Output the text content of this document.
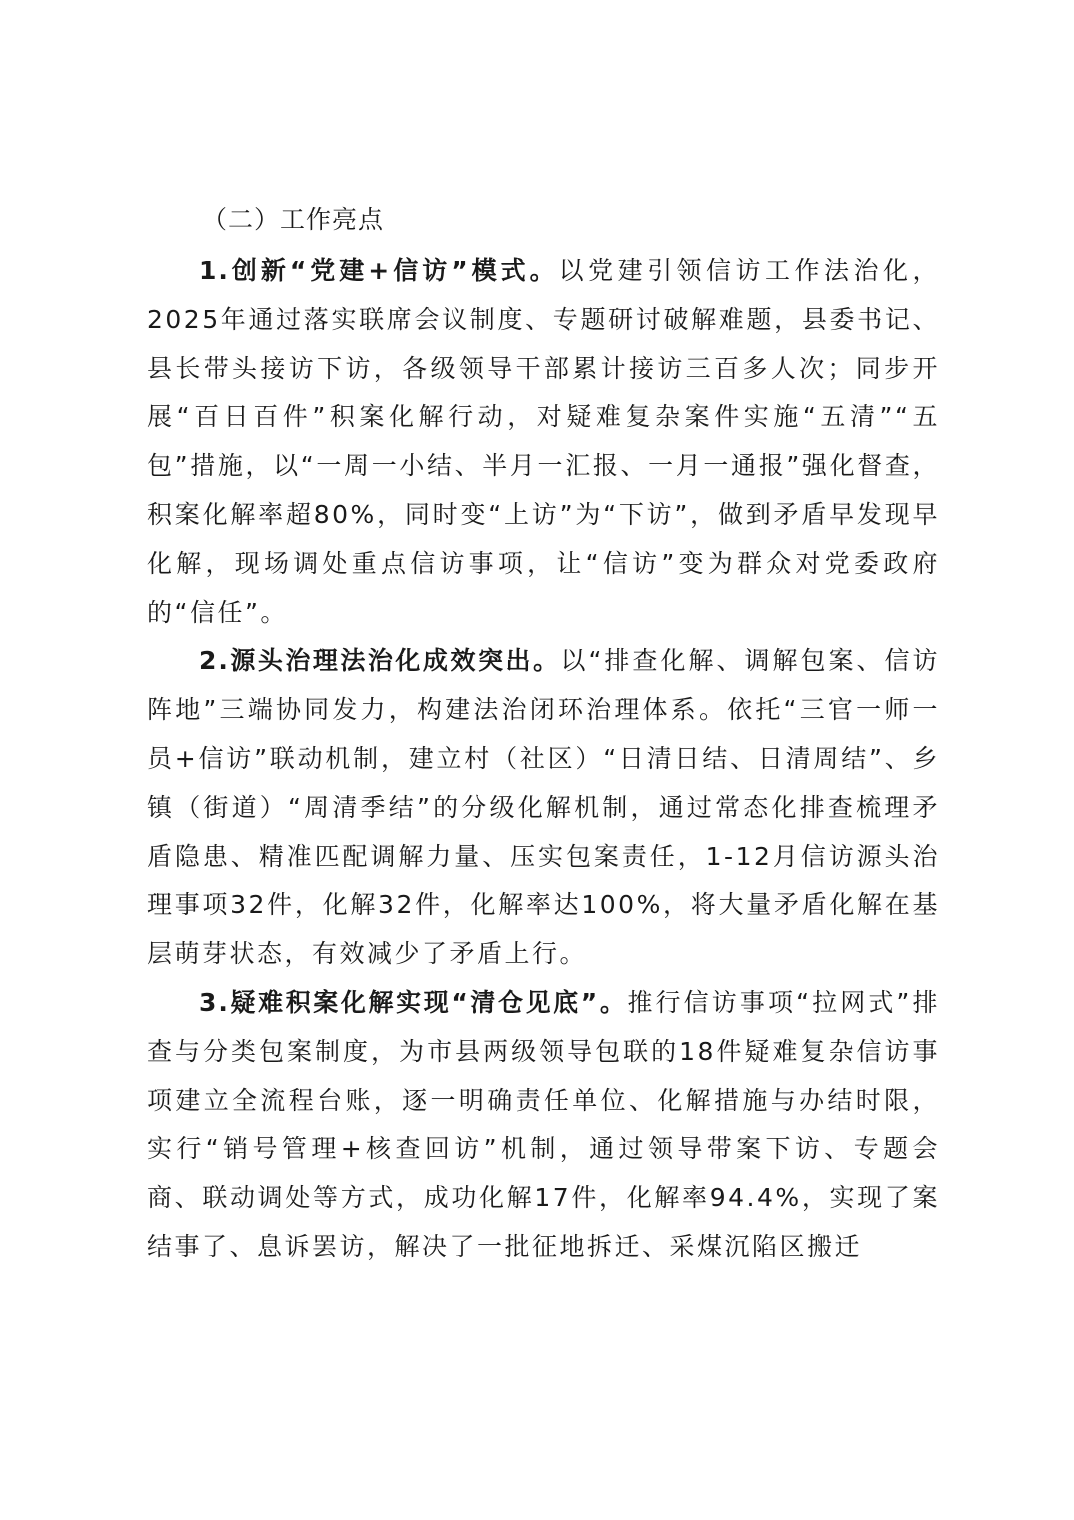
（二）工作亮点

1.创新“党建+信访”模式。以党建引领信访工作法治化，2025年通过落实联席会议制度、专题研讨破解难题，县委书记、县长带头接访下访，各级领导干部累计接访三百多人次；同步开展“百日百件”积案化解行动，对疑难复杂案件实施“五清”“五包”措施，以“一周一小结、半月一汇报、一月一通报”强化督查，积案化解率超80%，同时变“上访”为“下访”，做到矛盾早发现早化解，现场调处重点信访事项，让“信访”变为群众对党委政府的“信任”。

2.源头治理法治化成效突出。以“排查化解、调解包案、信访阵地”三端协同发力，构建法治闭环治理体系。依托“三官一师一员+信访”联动机制，建立村（社区）“日清日结、日清周结”、乡镇（街道）“周清季结”的分级化解机制，通过常态化排查梳理矛盾隐患、精准匹配调解力量、压实包案责任，1-12月信访源头治理事项32件，化解32件，化解率达100%，将大量矛盾化解在基层萌芽状态，有效减少了矛盾上行。

3.疑难积案化解实现“清仓见底”。推行信访事项“拉网式”排查与分类包案制度，为市县两级领导包联的18件疑难复杂信访事项建立全流程台账，逐一明确责任单位、化解措施与办结时限，实行“销号管理+核查回访”机制，通过领导带案下访、专题会商、联动调处等方式，成功化解17件，化解率94.4%，实现了案结事了、息诉罢访，解决了一批征地拆迁、采煤沉陷区搬迁
